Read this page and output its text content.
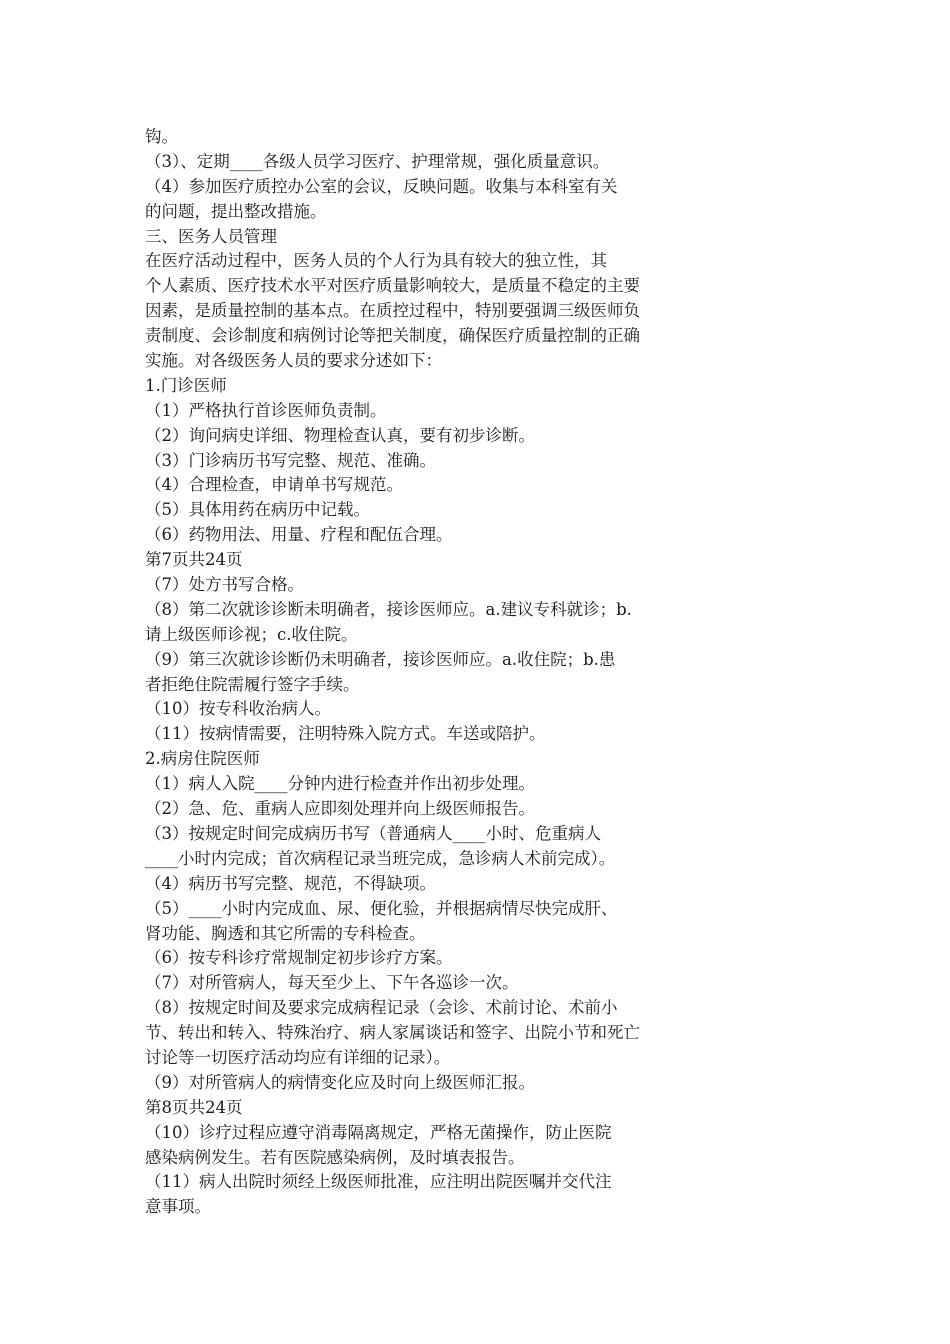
钩。
（3）、定期____各级人员学习医疗、护理常规，强化质量意识。
（4）参加医疗质控办公室的会议，反映问题。收集与本科室有关
的问题，提出整改措施。
三、医务人员管理
在医疗活动过程中，医务人员的个人行为具有较大的独立性，其
个人素质、医疗技术水平对医疗质量影响较大，是质量不稳定的主要
因素，是质量控制的基本点。在质控过程中，特别要强调三级医师负
责制度、会诊制度和病例讨论等把关制度，确保医疗质量控制的正确
实施。对各级医务人员的要求分述如下：
1.门诊医师
（1）严格执行首诊医师负责制。
（2）询问病史详细、物理检查认真，要有初步诊断。
（3）门诊病历书写完整、规范、准确。
（4）合理检查，申请单书写规范。
（5）具体用药在病历中记载。
（6）药物用法、用量、疗程和配伍合理。
第7页共24页
（7）处方书写合格。
（8）第二次就诊诊断未明确者，接诊医师应。a.建议专科就诊；b.
请上级医师诊视；c.收住院。
（9）第三次就诊诊断仍未明确者，接诊医师应。a.收住院；b.患
者拒绝住院需履行签字手续。
（10）按专科收治病人。
（11）按病情需要，注明特殊入院方式。车送或陪护。
2.病房住院医师
（1）病人入院____分钟内进行检查并作出初步处理。
（2）急、危、重病人应即刻处理并向上级医师报告。
（3）按规定时间完成病历书写（普通病人____小时、危重病人
____小时内完成；首次病程记录当班完成，急诊病人术前完成）。
（4）病历书写完整、规范，不得缺项。
（5）____小时内完成血、尿、便化验，并根据病情尽快完成肝、
肾功能、胸透和其它所需的专科检查。
（6）按专科诊疗常规制定初步诊疗方案。
（7）对所管病人，每天至少上、下午各巡诊一次。
（8）按规定时间及要求完成病程记录（会诊、术前讨论、术前小
节、转出和转入、特殊治疗、病人家属谈话和签字、出院小节和死亡
讨论等一切医疗活动均应有详细的记录）。
（9）对所管病人的病情变化应及时向上级医师汇报。
第8页共24页
（10）诊疗过程应遵守消毒隔离规定，严格无菌操作，防止医院
感染病例发生。若有医院感染病例，及时填表报告。
（11）病人出院时须经上级医师批准，应注明出院医嘱并交代注
意事项。
